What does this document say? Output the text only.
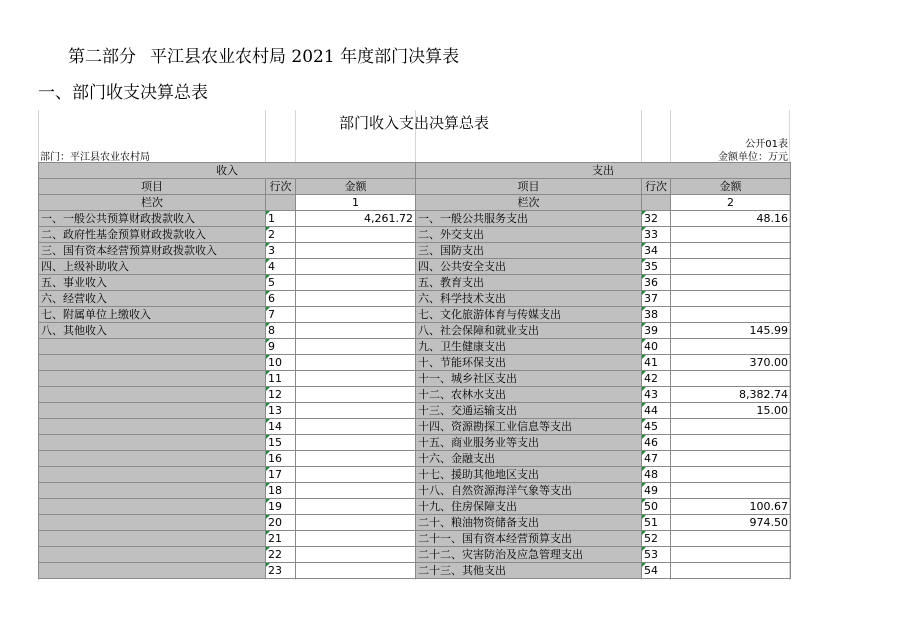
第二部分 平江县农业农村局 2021 年度部门决算表
一、部门收支决算总表
部门收入支出决算总表
公开01表
部门：平江县农业农村局	金额单位：万元
收入			支出		
项目	行次	金额	项目	行次	金额
栏次		1	栏次		2
一、一般公共预算财政拨款收入	1	4,261.72	一、一般公共服务支出	32	48.16
二、政府性基金预算财政拨款收入	2		二、外交支出	33	
三、国有资本经营预算财政拨款收入	3		三、国防支出	34	
四、上级补助收入	4		四、公共安全支出	35	
五、事业收入	5		五、教育支出	36	
六、经营收入	6		六、科学技术支出	37	
七、附属单位上缴收入	7		七、文化旅游体育与传媒支出	38	
八、其他收入	8		八、社会保障和就业支出	39	145.99
	9		九、卫生健康支出	40	
	10		十、节能环保支出	41	370.00
	11		十一、城乡社区支出	42	
	12		十二、农林水支出	43	8,382.74
	13		十三、交通运输支出	44	15.00
	14		十四、资源勘探工业信息等支出	45	
	15		十五、商业服务业等支出	46	
	16		十六、金融支出	47	
	17		十七、援助其他地区支出	48	
	18		十八、自然资源海洋气象等支出	49	
	19		十九、住房保障支出	50	100.67
	20		二十、粮油物资储备支出	51	974.50
	21		二十一、国有资本经营预算支出	52	
	22		二十二、灾害防治及应急管理支出	53	
	23		二十三、其他支出	54	
